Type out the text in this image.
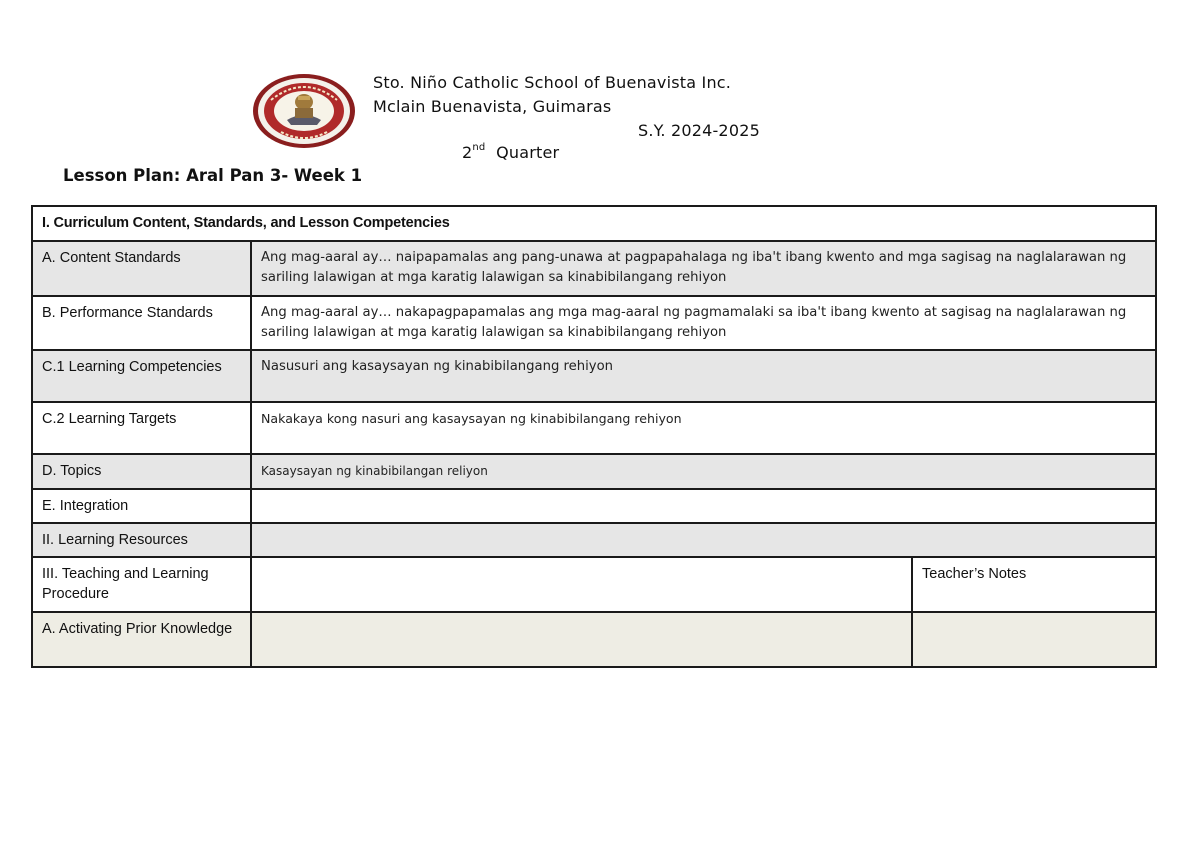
Sto. Niño Catholic School of Buenavista Inc.
Mclain Buenavista, Guimaras
S.Y. 2024-2025
2nd Quarter
Lesson Plan: Aral Pan 3- Week 1
I. Curriculum Content, Standards, and Lesson Competencies		
A. Content Standards	Ang mag-aaral ay… naipapamalas ang pang-unawa at pagpapahalaga ng iba't ibang kwento and mga sagisag na naglalarawan ng sariling lalawigan at mga karatig lalawigan sa kinabibilangang rehiyon	
B. Performance Standards	Ang mag-aaral ay… nakapagpapamalas ang mga mag-aaral ng pagmamalaki sa iba't ibang kwento at sagisag na naglalarawan ng sariling lalawigan at mga karatig lalawigan sa kinabibilangang rehiyon	
C.1 Learning Competencies	Nasusuri ang kasaysayan ng kinabibilangang rehiyon	
C.2 Learning Targets	Nakakaya kong nasuri ang kasaysayan ng kinabibilangang rehiyon	
D. Topics	Kasaysayan ng kinabibilangan reliyon	
E. Integration		
II. Learning Resources		
III. Teaching and Learning Procedure		Teacher’s Notes
A. Activating Prior Knowledge		
